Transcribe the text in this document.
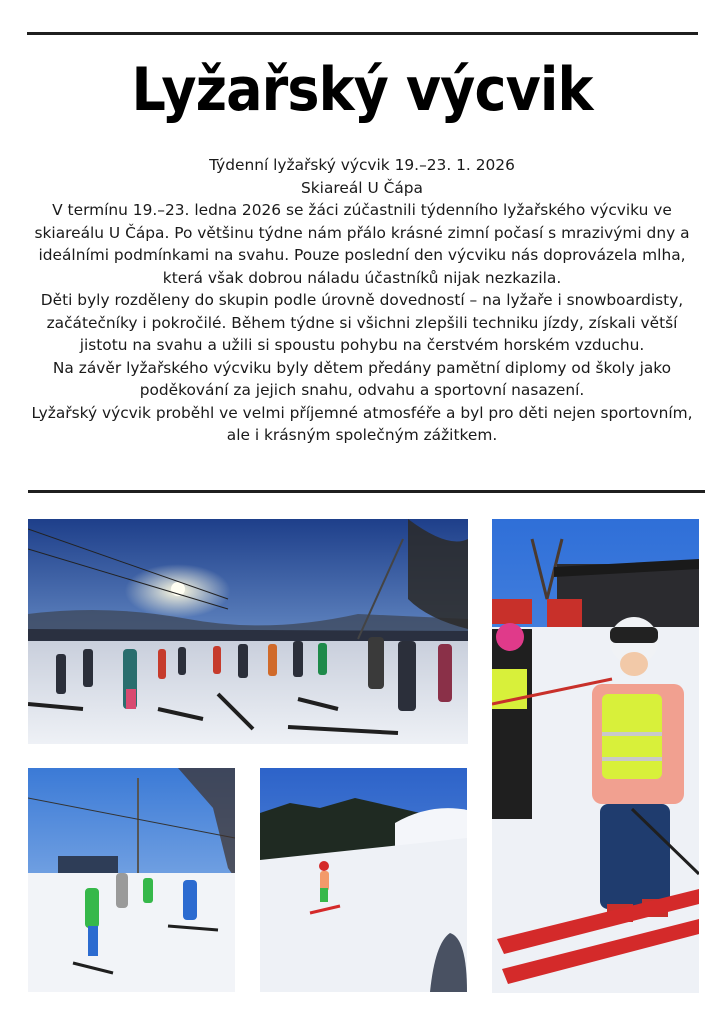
Lyžařský výcvik

Týdenní lyžařský výcvik 19.–23. 1. 2026

Skiareál U Čápa

V termínu 19.–23. ledna 2026 se žáci zúčastnili týdenního lyžařského výcviku ve skiareálu U Čápa. Po většinu týdne nám přálo krásné zimní počasí s mrazivými dny a ideálními podmínkami na svahu. Pouze poslední den výcviku nás doprovázela mlha, která však dobrou náladu účastníků nijak nezkazila.

Děti byly rozděleny do skupin podle úrovně dovedností – na lyžaře i snowboardisty, začátečníky i pokročilé. Během týdne si všichni zlepšili techniku jízdy, získali větší jistotu na svahu a užili si spoustu pohybu na čerstvém horském vzduchu.

Na závěr lyžařského výcviku byly dětem předány pamětní diplomy od školy jako poděkování za jejich snahu, odvahu a sportovní nasazení.

Lyžařský výcvik proběhl ve velmi příjemné atmosféře a byl pro děti nejen sportovním, ale i krásným společným zážitkem.
